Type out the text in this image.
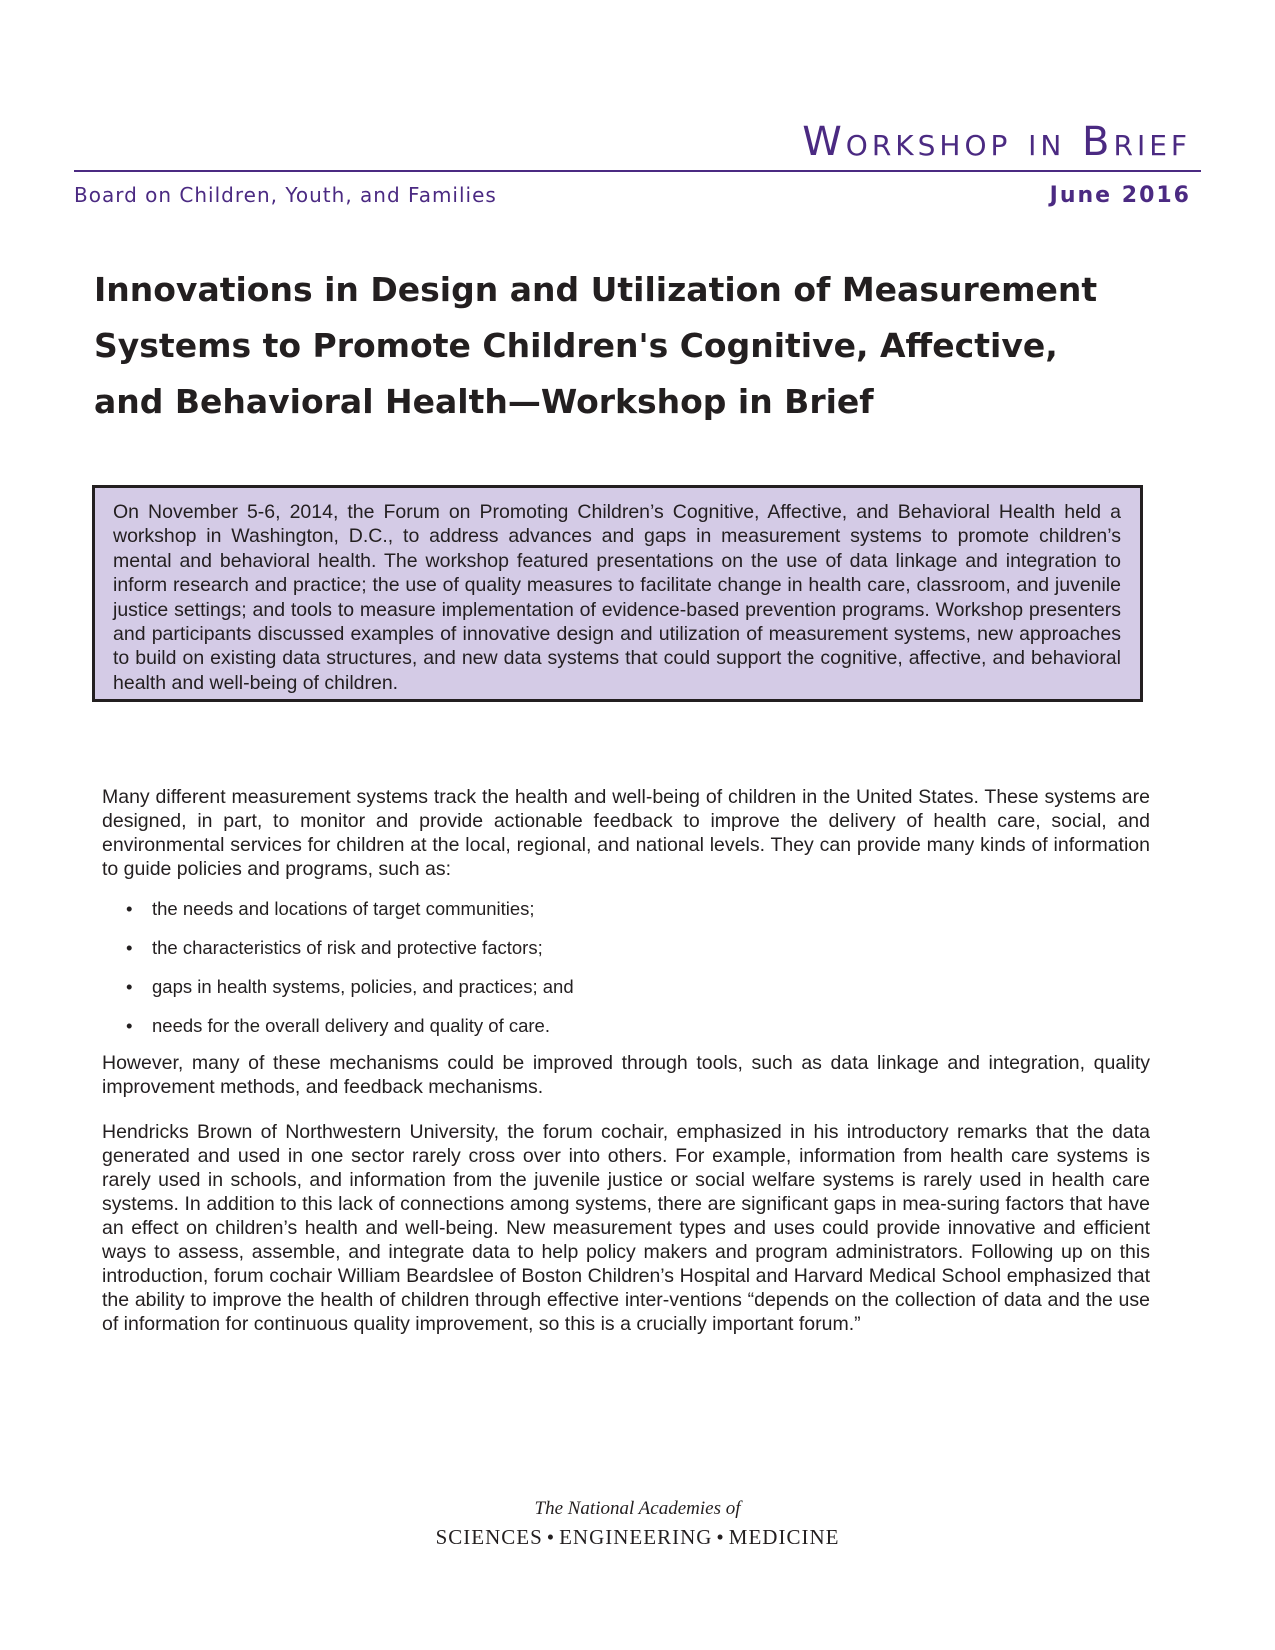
Workshop in Brief
Board on Children, Youth, and Families	June 2016
Innovations in Design and Utilization of Measurement Systems to Promote Children's Cognitive, Affective, and Behavioral Health—Workshop in Brief

On November 5-6, 2014, the Forum on Promoting Children’s Cognitive, Affective, and Behavioral Health held a workshop in Washington, D.C., to address advances and gaps in measurement systems to promote children’s mental and behavioral health. The workshop featured presentations on the use of data linkage and integration to inform research and practice; the use of quality measures to facilitate change in health care, classroom, and juvenile justice settings; and tools to measure implementation of evidence-based prevention programs. Workshop presenters and participants discussed examples of innovative design and utilization of measurement systems, new approaches to build on existing data structures, and new data systems that could support the cognitive, affective, and behavioral health and well-being of children.

Many different measurement systems track the health and well-being of children in the United States. These systems are designed, in part, to monitor and provide actionable feedback to improve the delivery of health care, social, and environmental services for children at the local, regional, and national levels. They can provide many kinds of information to guide policies and programs, such as:

• the needs and locations of target communities;
• the characteristics of risk and protective factors;
• gaps in health systems, policies, and practices; and
• needs for the overall delivery and quality of care.

However, many of these mechanisms could be improved through tools, such as data linkage and integration, quality improvement methods, and feedback mechanisms.

Hendricks Brown of Northwestern University, the forum cochair, emphasized in his introductory remarks that the data generated and used in one sector rarely cross over into others. For example, information from health care systems is rarely used in schools, and information from the juvenile justice or social welfare systems is rarely used in health care systems. In addition to this lack of connections among systems, there are significant gaps in mea-suring factors that have an effect on children’s health and well-being. New measurement types and uses could provide innovative and efficient ways to assess, assemble, and integrate data to help policy makers and program administrators. Following up on this introduction, forum cochair William Beardslee of Boston Children’s Hospital and Harvard Medical School emphasized that the ability to improve the health of children through effective inter-ventions “depends on the collection of data and the use of information for continuous quality improvement, so this is a crucially important forum.”

The National Academies of
SCIENCES • ENGINEERING • MEDICINE
